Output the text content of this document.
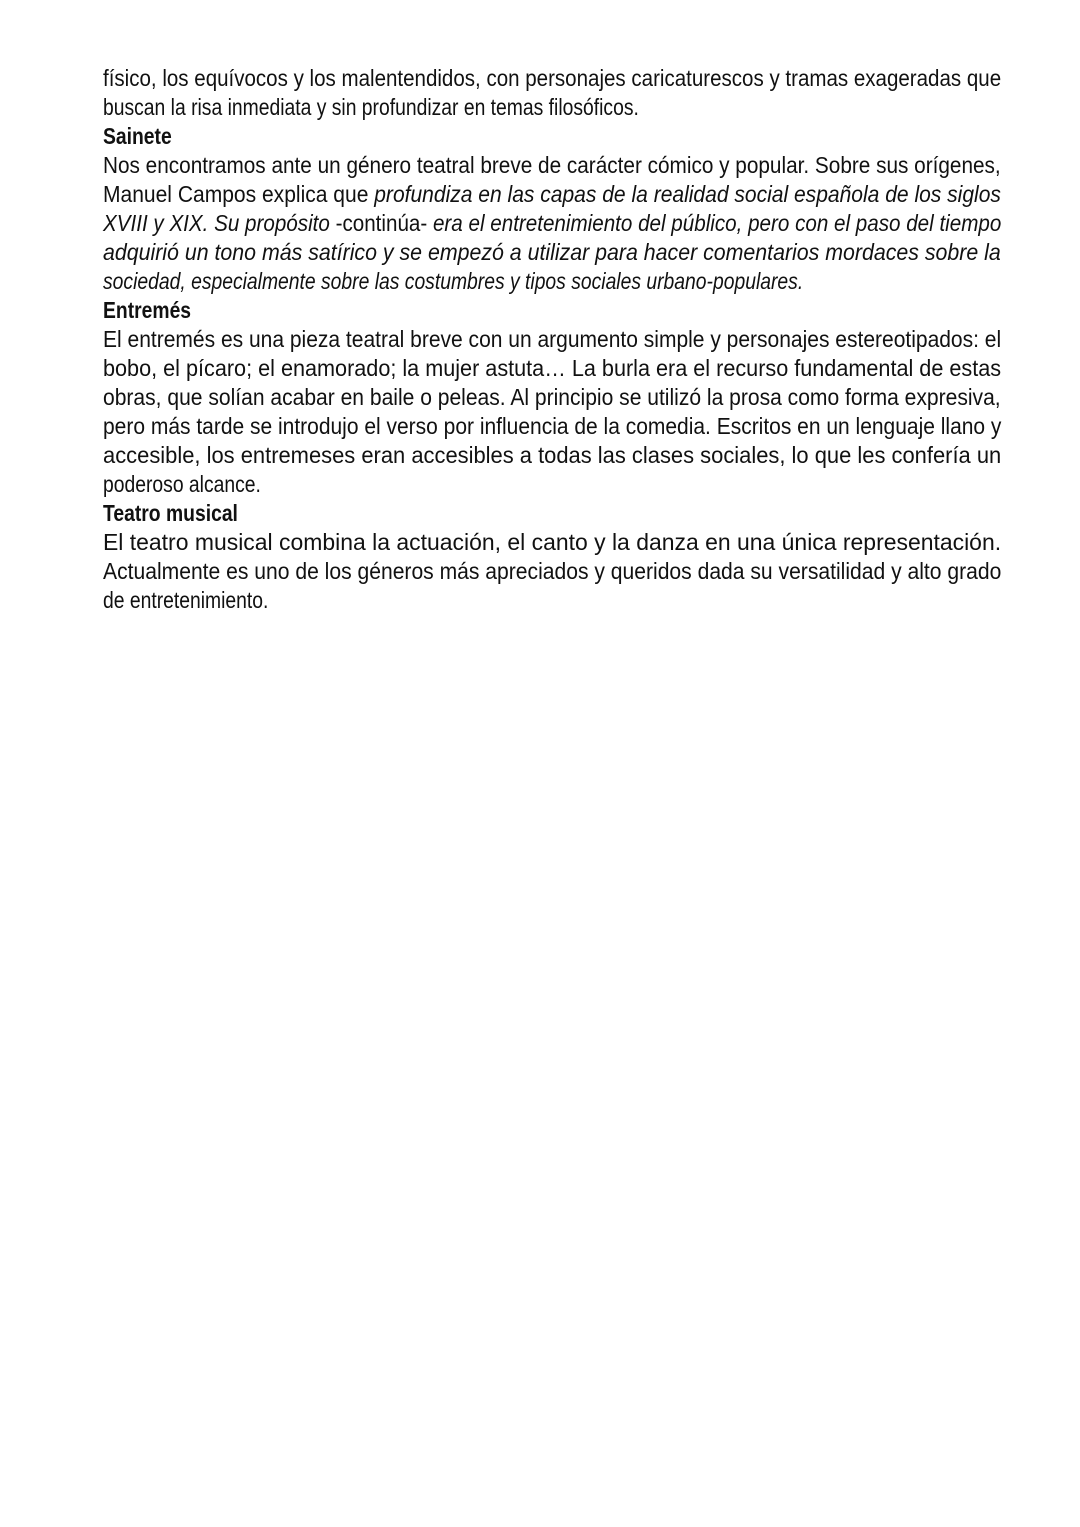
físico, los equívocos y los malentendidos, con personajes caricaturescos y tramas exageradas que
buscan la risa inmediata y sin profundizar en temas filosóficos.
Sainete
Nos encontramos ante un género teatral breve de carácter cómico y popular. Sobre sus orígenes,
Manuel Campos explica que profundiza en las capas de la realidad social española de los siglos
XVIII y XIX. Su propósito -continúa- era el entretenimiento del público, pero con el paso del tiempo
adquirió un tono más satírico y se empezó a utilizar para hacer comentarios mordaces sobre la
sociedad, especialmente sobre las costumbres y tipos sociales urbano-populares.
Entremés
El entremés es una pieza teatral breve con un argumento simple y personajes estereotipados: el
bobo, el pícaro; el enamorado; la mujer astuta… La burla era el recurso fundamental de estas
obras, que solían acabar en baile o peleas. Al principio se utilizó la prosa como forma expresiva,
pero más tarde se introdujo el verso por influencia de la comedia. Escritos en un lenguaje llano y
accesible, los entremeses eran accesibles a todas las clases sociales, lo que les confería un
poderoso alcance.
Teatro musical
El teatro musical combina la actuación, el canto y la danza en una única representación.
Actualmente es uno de los géneros más apreciados y queridos dada su versatilidad y alto grado
de entretenimiento.
